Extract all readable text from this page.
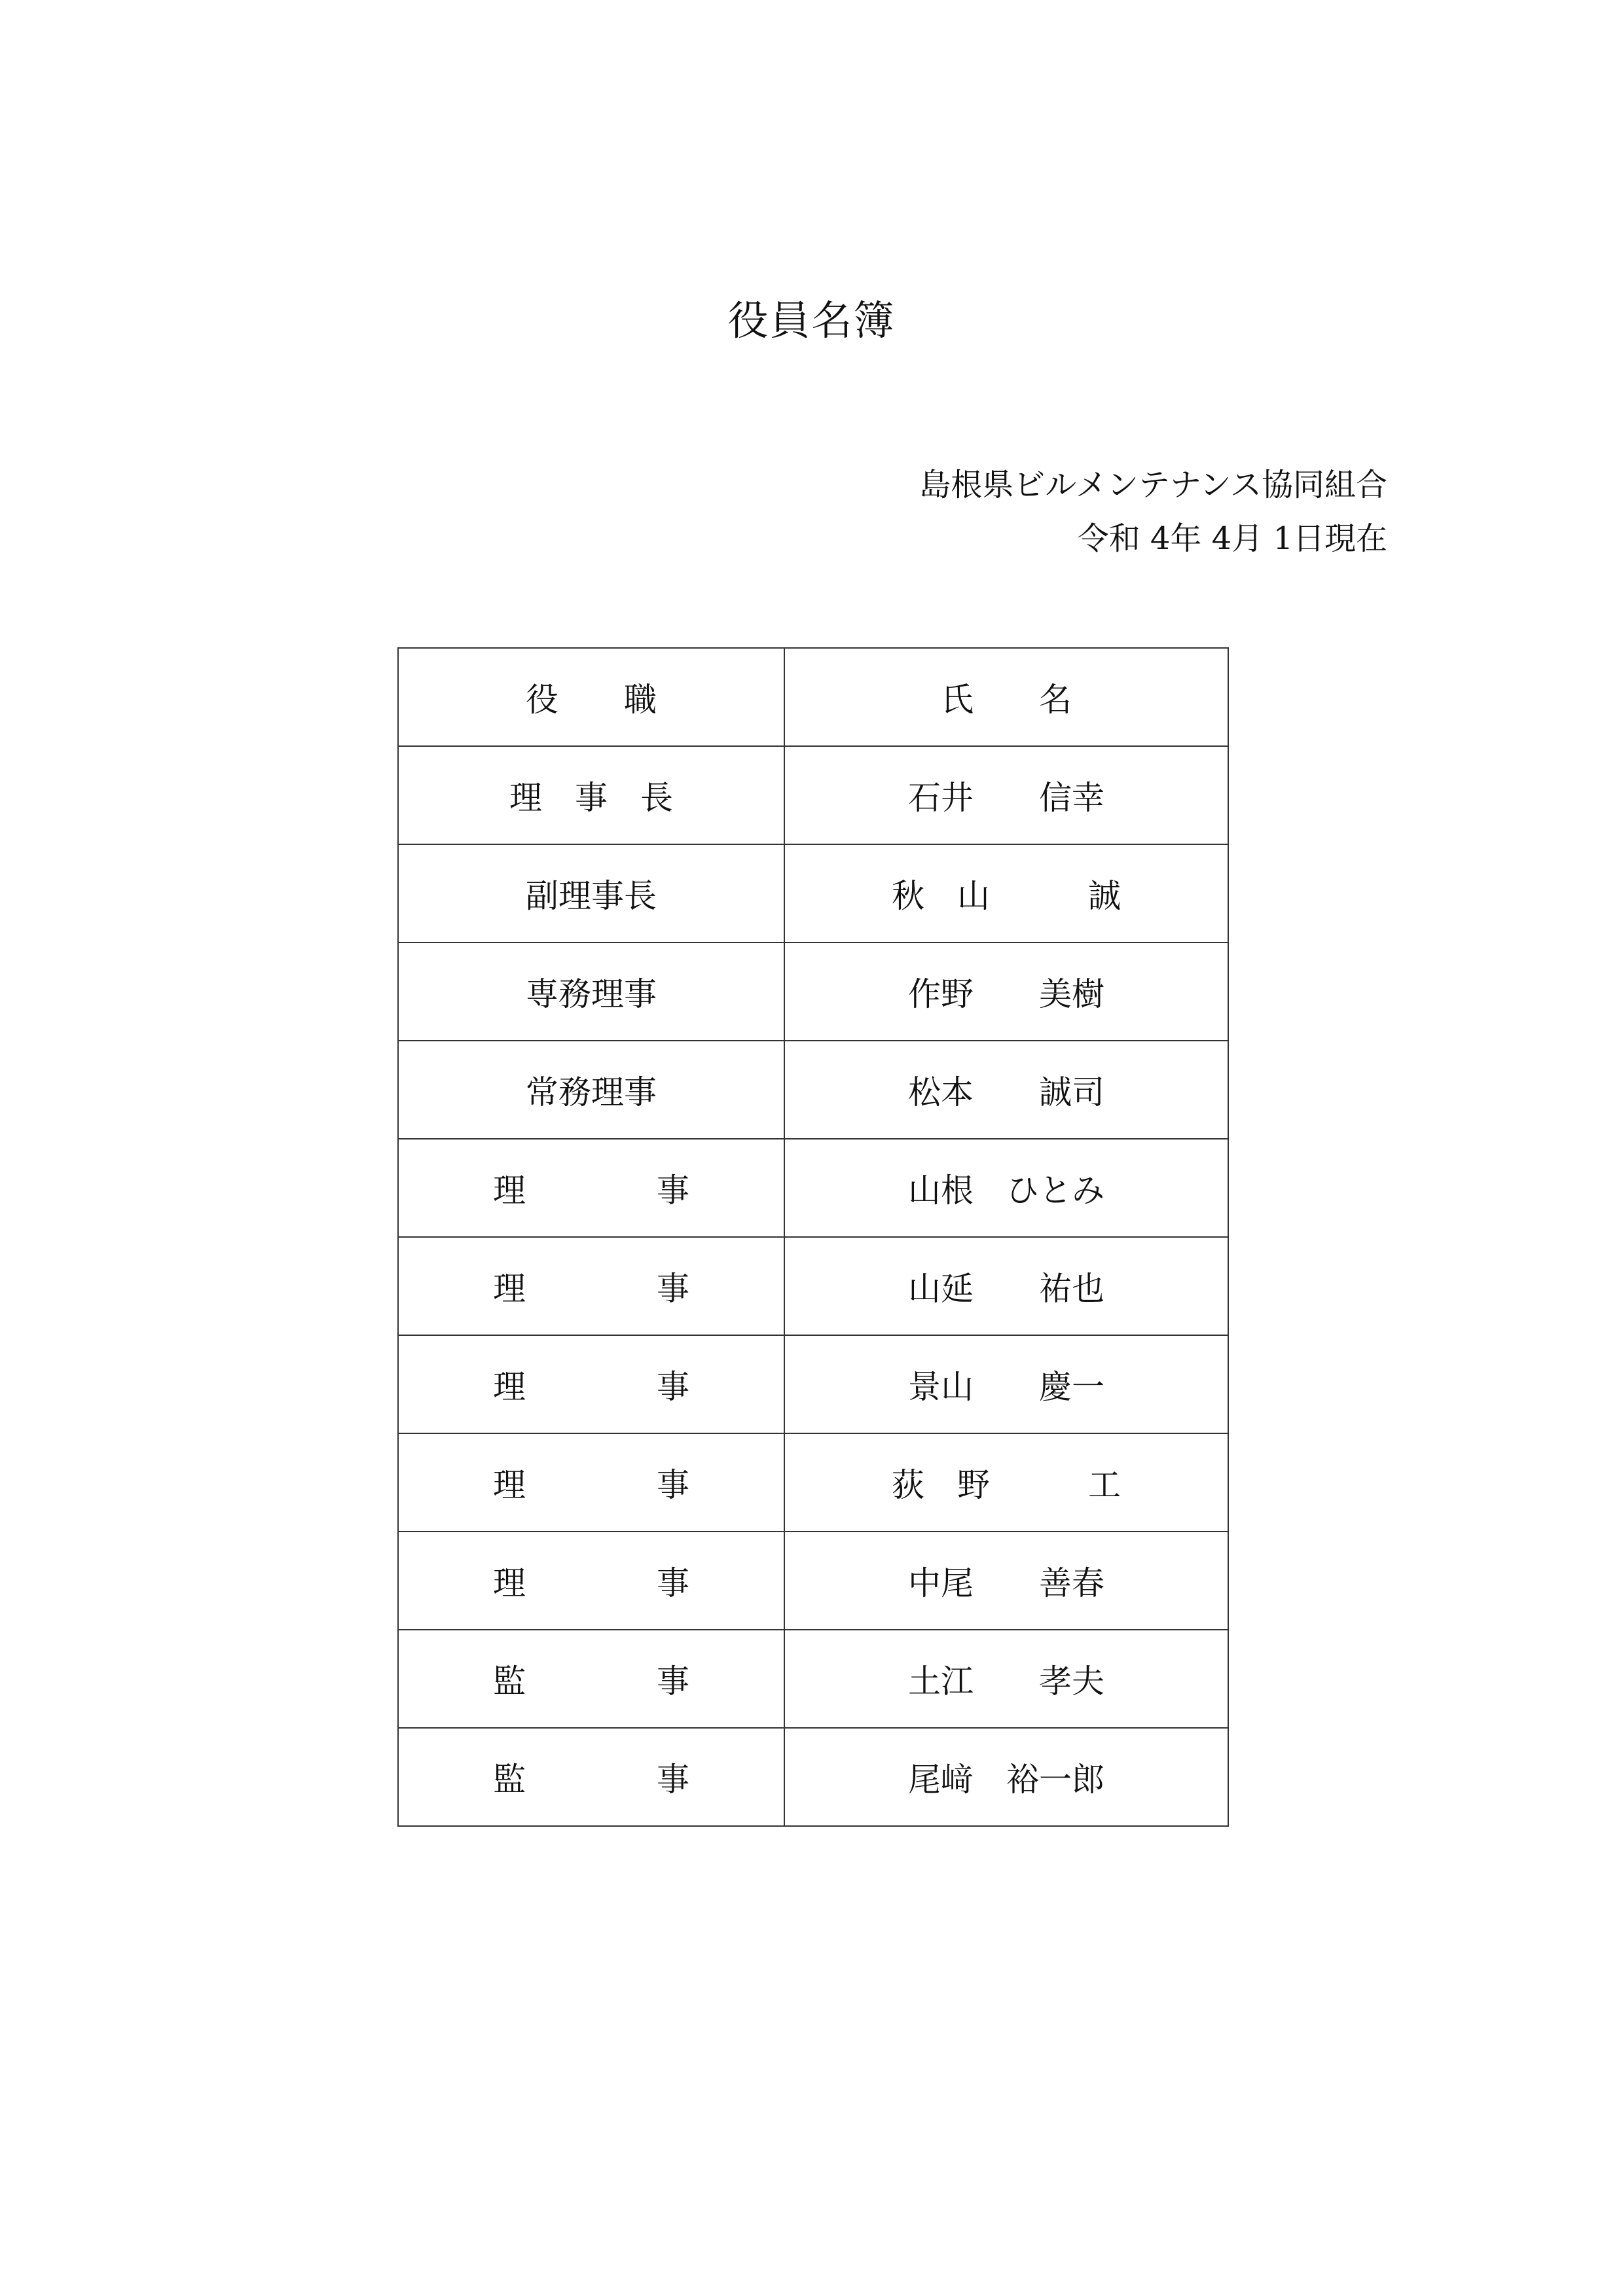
役員名簿
島根県ビルメンテナンス協同組合
令和 4年 4月 1日現在
役　　職	氏　　名
理　事　長	石井　　信幸
副理事長	秋　山　　　誠
専務理事	作野　　美樹
常務理事	松本　　誠司
理　　　　事	山根　ひとみ
理　　　　事	山延　　祐也
理　　　　事	景山　　慶一
理　　　　事	荻　野　　　工
理　　　　事	中尾　　善春
監　　　　事	土江　　孝夫
監　　　　事	尾﨑　裕一郎
